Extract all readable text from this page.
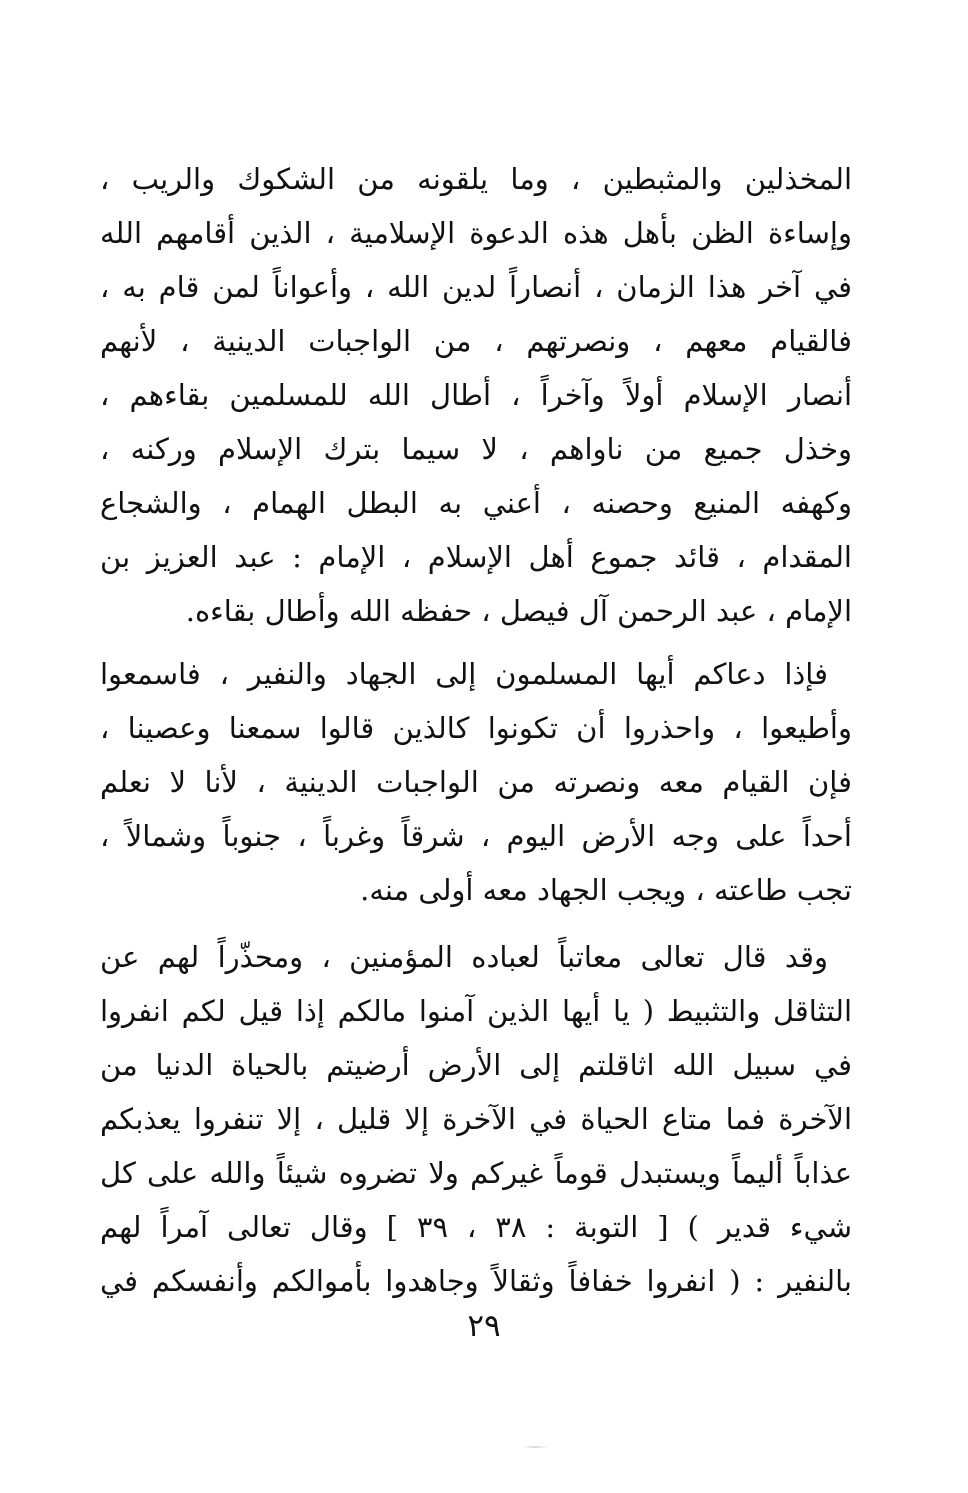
المخذلين والمثبطين ، وما يلقونه من الشكوك والريب ،
وإساءة الظن بأهل هذه الدعوة الإسلامية ، الذين أقامهم الله
في آخر هذا الزمان ، أنصاراً لدين الله ، وأعواناً لمن قام به ،
فالقيام معهم ، ونصرتهم ، من الواجبات الدينية ، لأنهم
أنصار الإسلام أولاً وآخراً ، أطال الله للمسلمين بقاءهم ،
وخذل جميع من ناواهم ، لا سيما بترك الإسلام وركنه ،
وكهفه المنيع وحصنه ، أعني به البطل الهمام ، والشجاع
المقدام ، قائد جموع أهل الإسلام ، الإمام : عبد العزيز بن
الإمام ، عبد الرحمن آل فيصل ، حفظه الله وأطال بقاءه.
فإذا دعاكم أيها المسلمون إلى الجهاد والنفير ، فاسمعوا
وأطيعوا ، واحذروا أن تكونوا كالذين قالوا سمعنا وعصينا ،
فإن القيام معه ونصرته من الواجبات الدينية ، لأنا لا نعلم
أحداً على وجه الأرض اليوم ، شرقاً وغرباً ، جنوباً وشمالاً ،
تجب طاعته ، ويجب الجهاد معه أولى منه.
وقد قال تعالى معاتباً لعباده المؤمنين ، ومحذّراً لهم عن
التثاقل والتثبيط ( يا أيها الذين آمنوا مالكم إذا قيل لكم انفروا
في سبيل الله اثاقلتم إلى الأرض أرضيتم بالحياة الدنيا من
الآخرة فما متاع الحياة في الآخرة إلا قليل ، إلا تنفروا يعذبكم
عذاباً أليماً ويستبدل قوماً غيركم ولا تضروه شيئاً والله على كل
شيء قدير ) [ التوبة : ٣٨ ، ٣٩ ] وقال تعالى آمراً لهم
بالنفير : ( انفروا خفافاً وثقالاً وجاهدوا بأموالكم وأنفسكم في
٢٩
